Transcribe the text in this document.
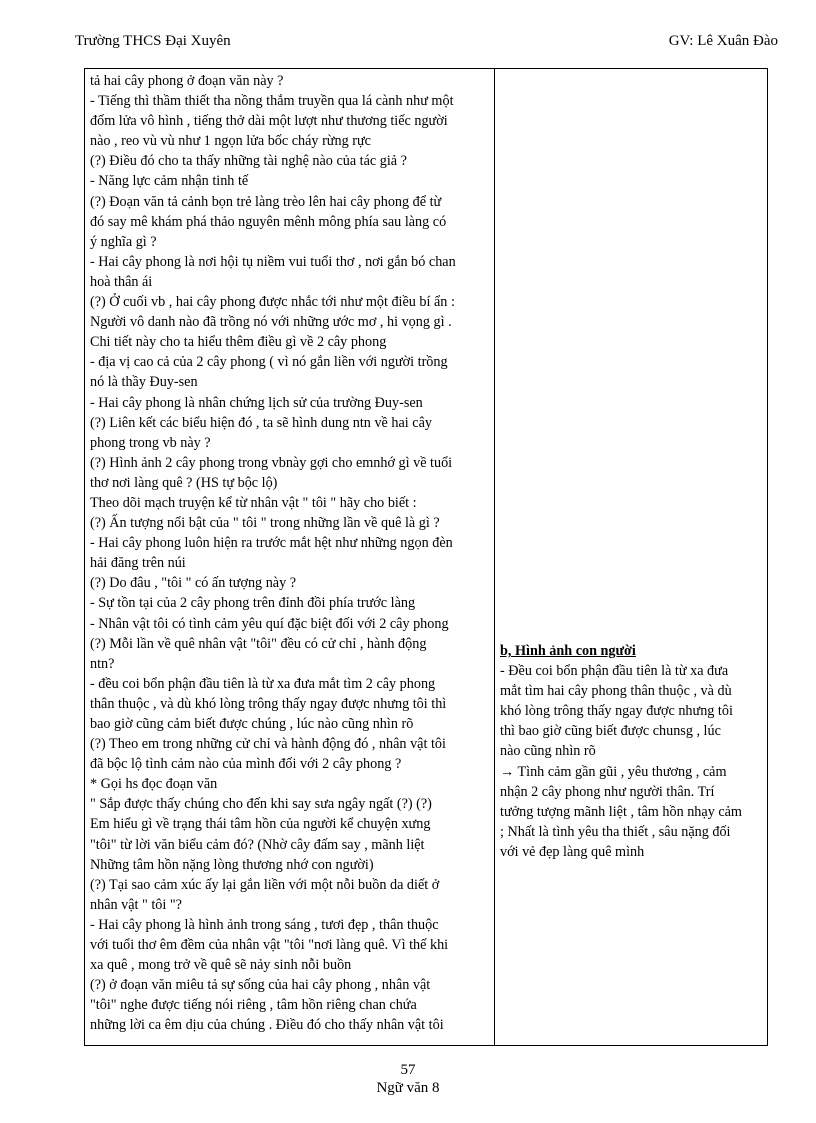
Trường THCS Đại Xuyên	GV: Lê Xuân Đào
tả hai cây phong ở đoạn văn này ?
- Tiếng thì thầm thiết tha nồng thắm truyền qua lá cành như một
đốm lửa vô hình , tiếng thở dài một lượt như thương tiếc người
nào , reo vù vù như 1 ngọn lửa bốc cháy rừng rực
(?) Điều đó cho ta thấy những tài nghệ nào của tác giả ?
- Năng lực cảm nhận tinh tế
(?) Đoạn văn tả cảnh bọn trẻ làng trèo lên hai cây phong để từ
đó say mê khám phá thảo nguyên mênh mông phía sau làng có
ý nghĩa gì ?
- Hai cây phong là nơi hội tụ niềm vui tuổi thơ , nơi gắn bó chan
hoà thân ái
(?) Ở cuối vb , hai cây phong được nhắc tới như một điều bí ẩn :
Người vô danh nào đã trồng nó với những ước mơ , hi vọng gì .
Chi tiết này cho ta hiểu thêm điều gì về 2 cây phong
- địa vị cao cả của 2 cây phong ( vì nó gắn liền với người trồng
nó là thầy Đuy-sen
- Hai cây phong là nhân chứng lịch sử của trường Đuy-sen
(?) Liên kết các biểu hiện đó , ta sẽ hình dung ntn về hai cây
phong trong vb này ?
(?) Hình ảnh 2 cây phong trong vbnày gợi cho emnhớ gì về tuổi
thơ nơi làng quê ? (HS tự bộc lộ)
Theo dõi mạch truyện kể từ nhân vật " tôi " hãy cho biết :
(?) Ấn tượng nổi bật của " tôi " trong những lần về quê là gì ?
- Hai cây phong luôn hiện ra trước mắt hệt như những ngọn đèn
hải đăng trên núi
(?) Do đâu , "tôi " có ấn tượng này ?
- Sự tồn tại của 2 cây phong trên đỉnh đồi phía trước làng
- Nhân vật tôi có tình cảm yêu quí đặc biệt đối với 2 cây phong
(?) Mỗi lần về quê nhân vật "tôi" đều có cử chỉ , hành động
ntn?
- đều coi bổn phận đầu tiên là từ xa đưa mắt tìm 2 cây phong
thân thuộc , và dù khó lòng trông thấy ngay được nhưng tôi thì
bao giờ cũng cảm biết được chúng , lúc nào cũng nhìn rõ
(?) Theo em trong những cử chỉ và hành động đó , nhân vật tôi
đã bộc lộ tình cảm nào của mình đối với 2 cây phong ?
* Gọi hs đọc đoạn văn
" Sắp được thấy chúng cho đến khi say sưa ngây ngất (?) (?)
Em hiểu gì về trạng thái tâm hồn của người kể chuyện xưng
"tôi" từ lời văn biểu cảm đó? (Nhờ cây đấm say , mãnh liệt
Những tâm hồn nặng lòng thương nhớ con người)
(?) Tại sao cảm xúc ấy lại gắn liền với một nỗi buồn da diết ở
nhân vật " tôi "?
- Hai cây phong là hình ảnh trong sáng , tươi đẹp , thân thuộc
với tuổi thơ êm đềm của nhân vật "tôi "nơi làng quê. Vì thế khi
xa quê , mong trở về quê sẽ nảy sinh nỗi buồn
(?) ở đoạn văn miêu tả sự sống của hai cây phong , nhân vật
"tôi" nghe được tiếng nói riêng , tâm hồn riêng chan chứa
những lời ca êm dịu của chúng . Điều đó cho thấy nhân vật tôi
b, Hình ảnh con người
- Đều coi bổn phận đầu tiên là từ xa đưa
mắt tìm hai cây phong thân thuộc , và dù
khó lòng trông thấy ngay được nhưng tôi
thì bao giờ cũng biết được chunsg , lúc
nào cũng nhìn rõ
→ Tình cảm gần gũi , yêu thương , cảm
nhận 2 cây phong như người thân. Trí
tưởng tượng mãnh liệt , tâm hồn nhạy cảm
; Nhất là tình yêu tha thiết , sâu nặng đối
với vẻ đẹp làng quê mình
57
Ngữ văn 8
